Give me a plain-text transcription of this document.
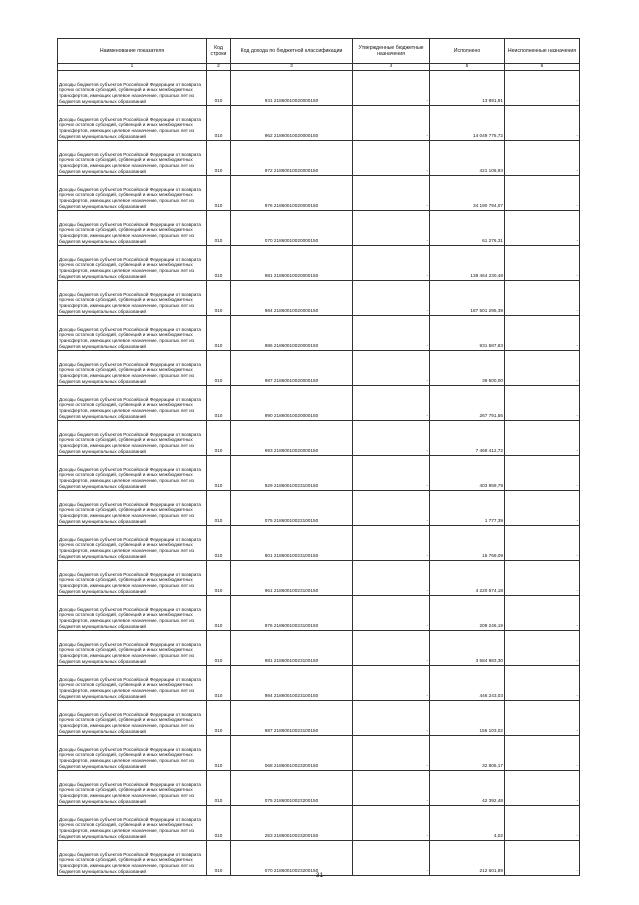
Наименование показателя	Код строки	Код дохода по бюджетной классификации	Утвержденные бюджетные назначения	Исполнено	Неисполненные назначения
1	2	3	4	5	6
Доходы бюджетов субъектов Российской Федерации от возврата прочих остатков субсидий, субвенций и иных межбюджетных трансфертов, имеющих целевое назначение, прошлых лет из бюджетов муниципальных образований	010	931 21860010020000150	-	13 891,91	-
Доходы бюджетов субъектов Российской Федерации от возврата прочих остатков субсидий, субвенций и иных межбюджетных трансфертов, имеющих целевое назначение, прошлых лет из бюджетов муниципальных образований	010	962 21860010020000150	-	14 049 776,72	-
Доходы бюджетов субъектов Российской Федерации от возврата прочих остатков субсидий, субвенций и иных межбюджетных трансфертов, имеющих целевое назначение, прошлых лет из бюджетов муниципальных образований	010	972 21860010020000150	-	421 106,93	-
Доходы бюджетов субъектов Российской Федерации от возврата прочих остатков субсидий, субвенций и иных межбюджетных трансфертов, имеющих целевое назначение, прошлых лет из бюджетов муниципальных образований	010	976 21860010020000150	-	34 190 794,07	-
Доходы бюджетов субъектов Российской Федерации от возврата прочих остатков субсидий, субвенций и иных межбюджетных трансфертов, имеющих целевое назначение, прошлых лет из бюджетов муниципальных образований	010	070 21860010020000150	-	61 276,31	-
Доходы бюджетов субъектов Российской Федерации от возврата прочих остатков субсидий, субвенций и иных межбюджетных трансфертов, имеющих целевое назначение, прошлых лет из бюджетов муниципальных образований	010	981 21860010020000150	-	138 464 230,48	-
Доходы бюджетов субъектов Российской Федерации от возврата прочих остатков субсидий, субвенций и иных межбюджетных трансфертов, имеющих целевое назначение, прошлых лет из бюджетов муниципальных образований	010	984 21860010020000150	-	187 501 295,39	-
Доходы бюджетов субъектов Российской Федерации от возврата прочих остатков субсидий, субвенций и иных межбюджетных трансфертов, имеющих целевое назначение, прошлых лет из бюджетов муниципальных образований	010	986 21860010020000150	-	931 587,83	-
Доходы бюджетов субъектов Российской Федерации от возврата прочих остатков субсидий, субвенций и иных межбюджетных трансфертов, имеющих целевое назначение, прошлых лет из бюджетов муниципальных образований	010	987 21860010020000150	-	39 500,00	-
Доходы бюджетов субъектов Российской Федерации от возврата прочих остатков субсидий, субвенций и иных межбюджетных трансфертов, имеющих целевое назначение, прошлых лет из бюджетов муниципальных образований	010	990 21860010020000150	-	267 791,56	-
Доходы бюджетов субъектов Российской Федерации от возврата прочих остатков субсидий, субвенций и иных межбюджетных трансфертов, имеющих целевое назначение, прошлых лет из бюджетов муниципальных образований	010	993 21860010020000150	-	7 469 412,72	-
Доходы бюджетов субъектов Российской Федерации от возврата прочих остатков субсидий, субвенций и иных межбюджетных трансфертов, имеющих целевое назначение, прошлых лет из бюджетов муниципальных образований	010	929 21860010023100150	-	403 959,79	-
Доходы бюджетов субъектов Российской Федерации от возврата прочих остатков субсидий, субвенций и иных межбюджетных трансфертов, имеющих целевое назначение, прошлых лет из бюджетов муниципальных образований	010	075 21860010023100150	-	1 777,39	-
Доходы бюджетов субъектов Российской Федерации от возврата прочих остатков субсидий, субвенций и иных межбюджетных трансфертов, имеющих целевое назначение, прошлых лет из бюджетов муниципальных образований	010	801 21860010023100150	-	15 769,09	-
Доходы бюджетов субъектов Российской Федерации от возврата прочих остатков субсидий, субвенций и иных межбюджетных трансфертов, имеющих целевое назначение, прошлых лет из бюджетов муниципальных образований	010	961 21860010023100150	-	4 220 674,18	-
Доходы бюджетов субъектов Российской Федерации от возврата прочих остатков субсидий, субвенций и иных межбюджетных трансфертов, имеющих целевое назначение, прошлых лет из бюджетов муниципальных образований	010	976 21860010023100150	-	209 246,19	-
Доходы бюджетов субъектов Российской Федерации от возврата прочих остатков субсидий, субвенций и иных межбюджетных трансфертов, имеющих целевое назначение, прошлых лет из бюджетов муниципальных образований	010	981 21860010023100150	-	3 584 983,30	-
Доходы бюджетов субъектов Российской Федерации от возврата прочих остатков субсидий, субвенций и иных межбюджетных трансфертов, имеющих целевое назначение, прошлых лет из бюджетов муниципальных образований	010	984 21860010023100150	-	446 243,03	-
Доходы бюджетов субъектов Российской Федерации от возврата прочих остатков субсидий, субвенций и иных межбюджетных трансфертов, имеющих целевое назначение, прошлых лет из бюджетов муниципальных образований	010	987 21860010023100150	-	156 103,02	-
Доходы бюджетов субъектов Российской Федерации от возврата прочих остатков субсидий, субвенций и иных межбюджетных трансфертов, имеющих целевое назначение, прошлых лет из бюджетов муниципальных образований	010	068 21860010023200150	-	32 805,17	-
Доходы бюджетов субъектов Российской Федерации от возврата прочих остатков субсидий, субвенций и иных межбюджетных трансфертов, имеющих целевое назначение, прошлых лет из бюджетов муниципальных образований	010	075 21860010023200150	-	42 392,48	-
Доходы бюджетов субъектов Российской Федерации от возврата прочих остатков субсидий, субвенций и иных межбюджетных трансфертов, имеющих целевое назначение, прошлых лет из бюджетов муниципальных образований	010	253 21860010023200150	-	4,02	-
Доходы бюджетов субъектов Российской Федерации от возврата прочих остатков субсидий, субвенций и иных межбюджетных трансфертов, имеющих целевое назначение, прошлых лет из бюджетов муниципальных образований	010	070 21860010023200150	-	212 601,89	-
31
